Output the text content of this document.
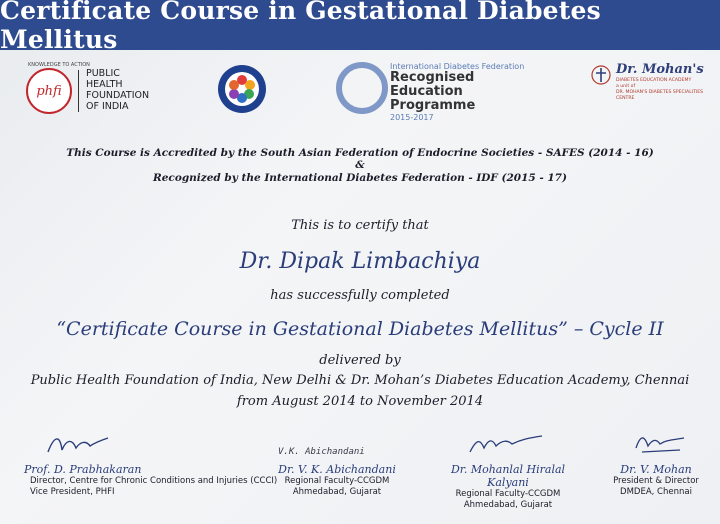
Certificate Course in Gestational Diabetes Mellitus
KNOWLEDGE TO ACTION
phfi
PUBLIC
HEALTH
FOUNDATION
OF INDIA
International Diabetes Federation
Recognised Education
Programme
2015-2017
Dr. Mohan's
DIABETES EDUCATION ACADEMY
a unit of
DR. MOHAN'S DIABETES SPECIALITIES CENTRE
This Course is Accredited by the South Asian Federation of Endocrine Societies - SAFES (2014 - 16)
&
Recognized by the International Diabetes Federation - IDF (2015 - 17)
This is to certify that
Dr. Dipak Limbachiya
has successfully completed
“Certificate Course in Gestational Diabetes Mellitus” – Cycle II
delivered by
Public Health Foundation of India, New Delhi & Dr. Mohan’s Diabetes Education Academy, Chennai
from August 2014 to November 2014
Prof. D. Prabhakaran
Director, Centre for Chronic Conditions and Injuries (CCCI)
Vice President, PHFI
V.K. Abichandani
Dr. V. K. Abichandani
Regional Faculty-CCGDM
Ahmedabad, Gujarat
Dr. Mohanlal Hiralal Kalyani
Regional Faculty-CCGDM
Ahmedabad, Gujarat
Dr. V. Mohan
President & Director
DMDEA, Chennai
